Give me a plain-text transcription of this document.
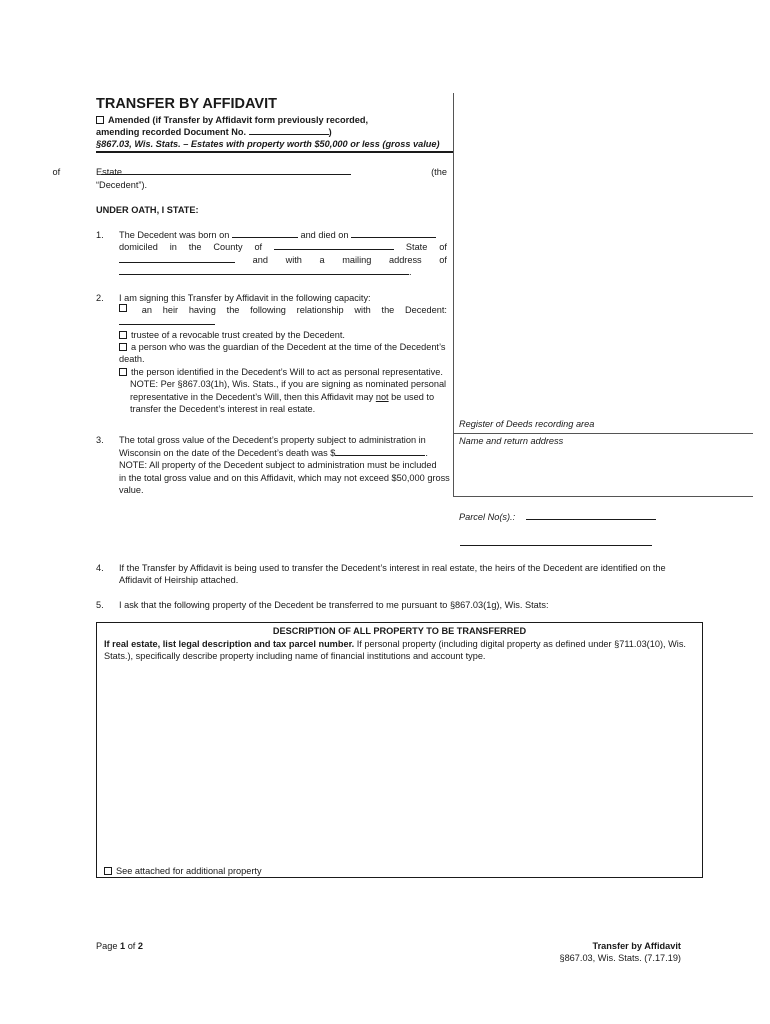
TRANSFER BY AFFIDAVIT
Amended (if Transfer by Affidavit form previously recorded,
amending recorded Document No.	)
§867.03, Wis. Stats. – Estates with property worth $50,000 or less (gross value)
Estate
of	(the
“Decedent”).
UNDER OATH, I STATE:
1. The Decedent was born on	and died on
domiciled in the County of	State of
and with a mailing address of
.
2. I am signing this Transfer by Affidavit in the following capacity:
an heir having the following relationship with the Decedent:
trustee of a revocable trust created by the Decedent.
a person who was the guardian of the Decedent at the time of the Decedent’s
death.
the person identified in the Decedent’s Will to act as personal representative.
NOTE: Per §867.03(1h), Wis. Stats., if you are signing as nominated personal
representative in the Decedent’s Will, then this Affidavit may not be used to
transfer the Decedent’s interest in real estate.
Register of Deeds recording area
Name and return address
3. The total gross value of the Decedent’s property subject to administration in
Wisconsin on the date of the Decedent’s death was $	.
NOTE: All property of the Decedent subject to administration must be included
in the total gross value and on this Affidavit, which may not exceed $50,000 gross
value.
Parcel No(s).:
4. If the Transfer by Affidavit is being used to transfer the Decedent’s interest in real estate, the heirs of the Decedent are identified on the
Affidavit of Heirship attached.
5. I ask that the following property of the Decedent be transferred to me pursuant to §867.03(1g), Wis. Stats:
DESCRIPTION OF ALL PROPERTY TO BE TRANSFERRED
If real estate, list legal description and tax parcel number. If personal property (including digital property as defined under §711.03(10), Wis.
Stats.), specifically describe property including name of financial institutions and account type.
See attached for additional property
Page 1 of 2	Transfer by Affidavit
§867.03, Wis. Stats. (7.17.19)
